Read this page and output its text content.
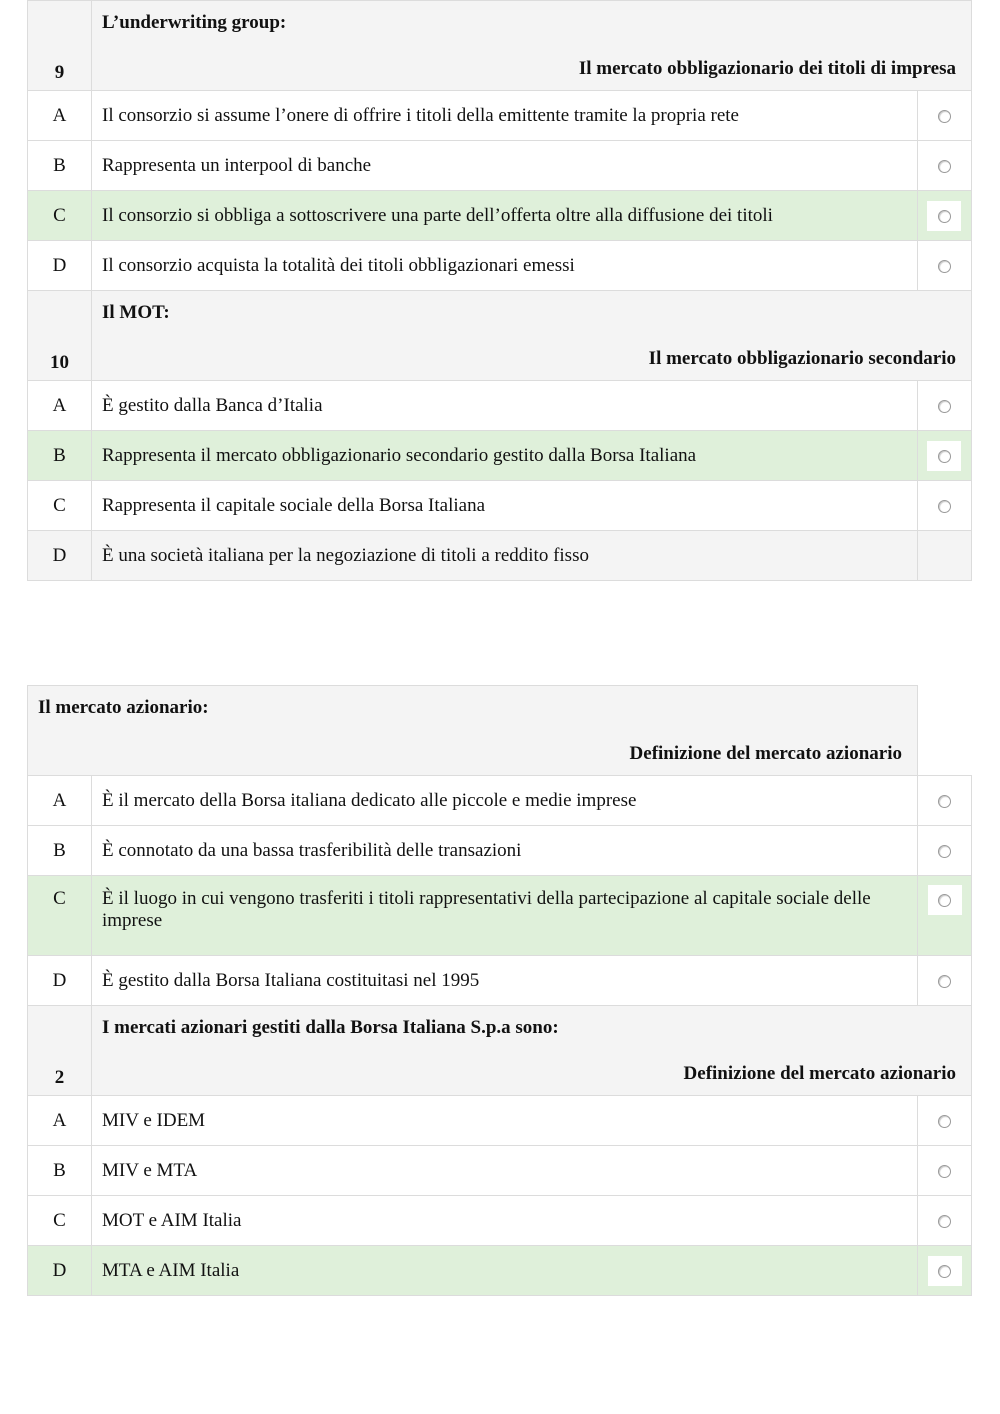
9	L’underwriting group:
Il mercato obbligazionario dei titoli di impresa	

A	Il consorzio si assume l’onere di offrire i titoli della emittente tramite la propria rete	
B	Rappresenta un interpool di banche	
C	Il consorzio si obbliga a sottoscrivere una parte dell’offerta oltre alla diffusione dei titoli	
D	Il consorzio acquista la totalità dei titoli obbligazionari emessi	
10	Il MOT:
Il mercato obbligazionario secondario	

A	È gestito dalla Banca d’Italia	
B	Rappresenta il mercato obbligazionario secondario gestito dalla Borsa Italiana	
C	Rappresenta il capitale sociale della Borsa Italiana	
D	È una società italiana per la negoziazione di titoli a reddito fisso	
Il mercato azionario:
Definizione del mercato azionario		

A	È il mercato della Borsa italiana dedicato alle piccole e medie imprese	
B	È connotato da una bassa trasferibilità delle transazioni	
C	È il luogo in cui vengono trasferiti i titoli rappresentativi della partecipazione al capitale sociale delle imprese	
D	È gestito dalla Borsa Italiana costituitasi nel 1995	
2	I mercati azionari gestiti dalla Borsa Italiana S.p.a sono:
Definizione del mercato azionario	

A	MIV e IDEM	
B	MIV e MTA	
C	MOT e AIM Italia	
D	MTA e AIM Italia	
